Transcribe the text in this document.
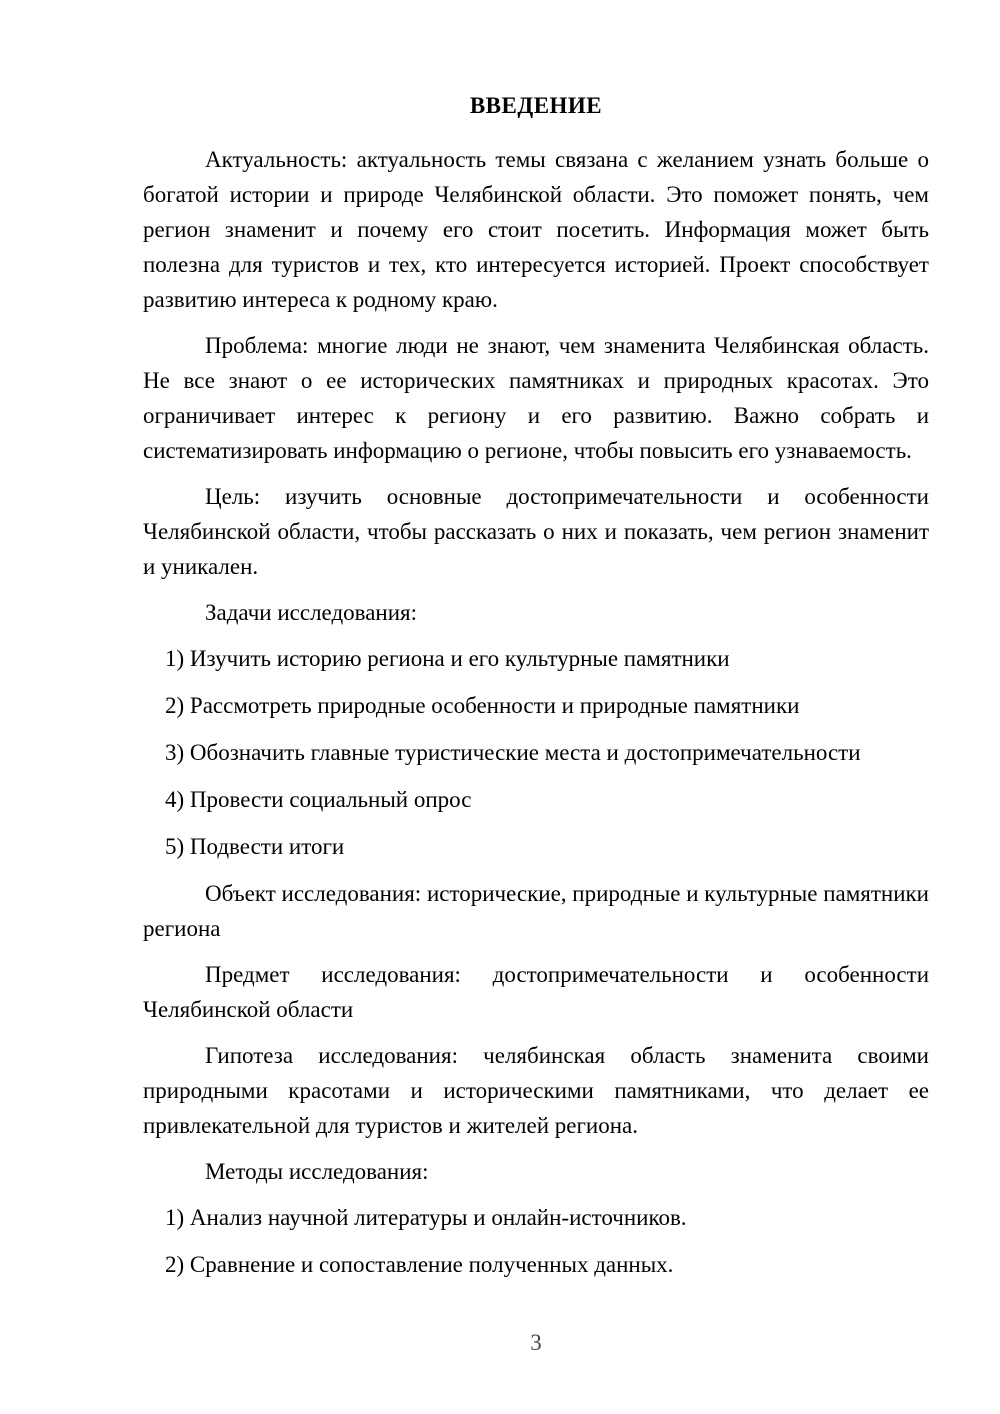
ВВЕДЕНИЕ

Актуальность: актуальность темы связана с желанием узнать больше о богатой истории и природе Челябинской области. Это поможет понять, чем регион знаменит и почему его стоит посетить. Информация может быть полезна для туристов и тех, кто интересуется историей. Проект способствует развитию интереса к родному краю.

Проблема: многие люди не знают, чем знаменита Челябинская область. Не все знают о ее исторических памятниках и природных красотах. Это ограничивает интерес к региону и его развитию. Важно собрать и систематизировать информацию о регионе, чтобы повысить его узнаваемость.

Цель: изучить основные достопримечательности и особенности Челябинской области, чтобы рассказать о них и показать, чем регион знаменит и уникален.

Задачи исследования:

1) Изучить историю региона и его культурные памятники

2) Рассмотреть природные особенности и природные памятники

3) Обозначить главные туристические места и достопримечательности

4) Провести социальный опрос

5) Подвести итоги

Объект исследования: исторические, природные и культурные памятники региона

Предмет исследования: достопримечательности и особенности Челябинской области

Гипотеза исследования: челябинская область знаменита своими природными красотами и историческими памятниками, что делает ее привлекательной для туристов и жителей региона.

Методы исследования:

1) Анализ научной литературы и онлайн-источников.

2) Сравнение и сопоставление полученных данных.

3
